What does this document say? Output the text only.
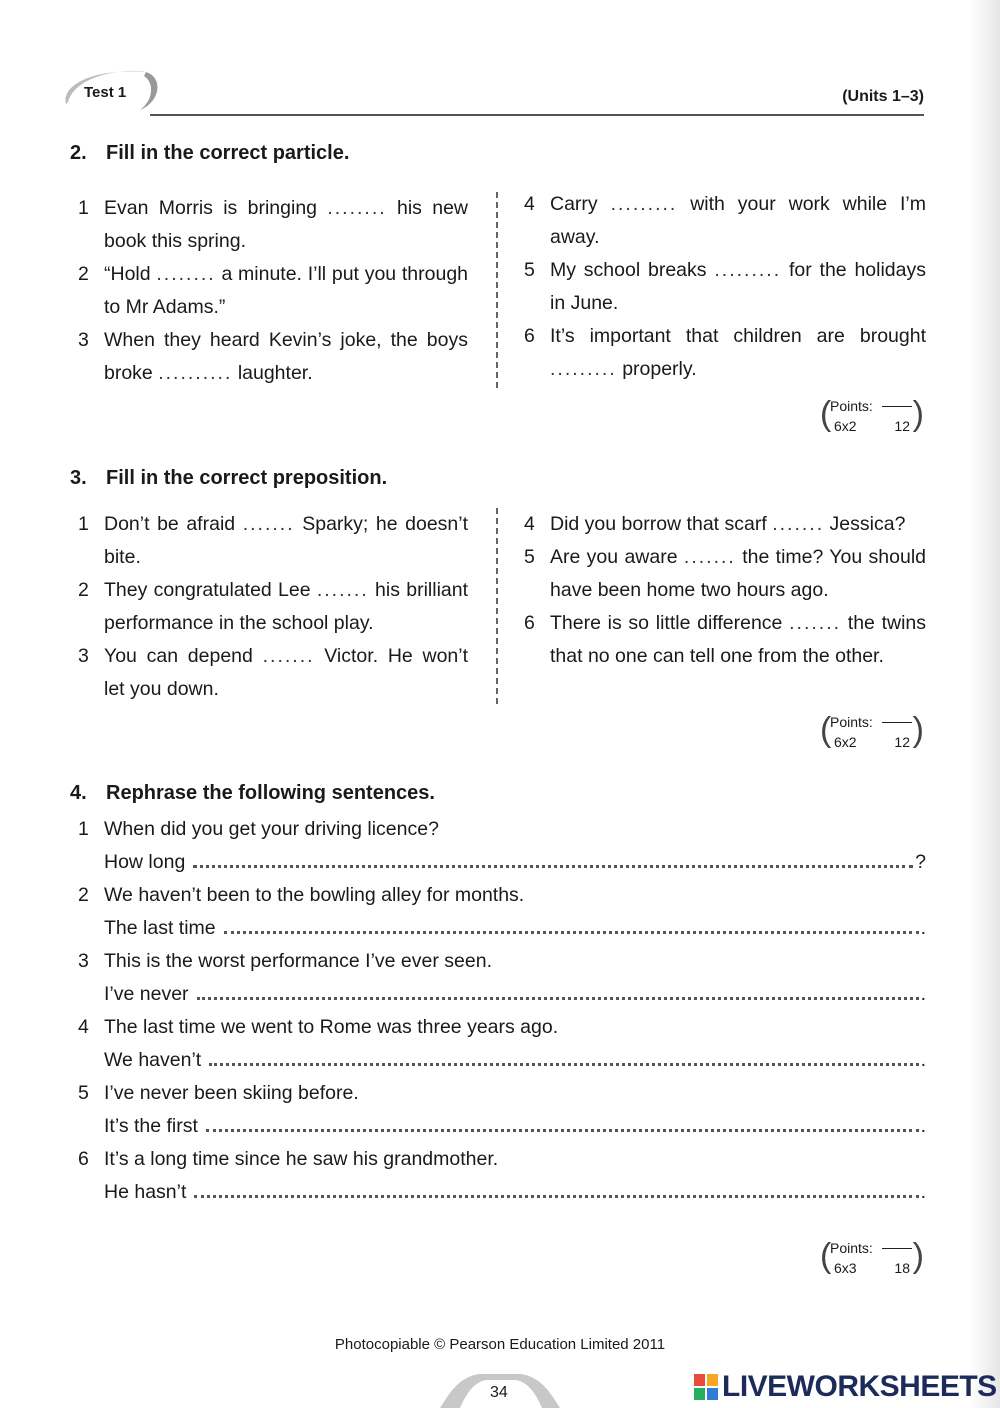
Test 1	(Units 1–3)
2. Fill in the correct particle.
1 Evan Morris is bringing ........ his new book this spring.
2 “Hold ........ a minute. I’ll put you through to Mr Adams.”
3 When they heard Kevin’s joke, the boys broke .......... laughter.
4 Carry ......... with your work while I’m away.
5 My school breaks ......... for the holidays in June.
6 It’s important that children are brought ......... properly.
(
Points:
6x2	12 )
3. Fill in the correct preposition.
1 Don’t be afraid ....... Sparky; he doesn’t bite.
2 They congratulated Lee ....... his brilliant performance in the school play.
3 You can depend ....... Victor. He won’t let you down.
4 Did you borrow that scarf ....... Jessica?
5 Are you aware ....... the time? You should have been home two hours ago.
6 There is so little difference ....... the twins that no one can tell one from the other.
(
Points:
6x2	12 )
4. Rephrase the following sentences.
1 When did you get your driving licence?
How long	?
2 We haven’t been to the bowling alley for months.
The last time	.
3 This is the worst performance I’ve ever seen.
I’ve never	.
4 The last time we went to Rome was three years ago.
We haven’t	.
5 I’ve never been skiing before.
It’s the first	.
6 It’s a long time since he saw his grandmother.
He hasn’t	.
(
Points:
6x3	18 )
Photocopiable © Pearson Education Limited 2011
34	LIVEWORKSHEETS
